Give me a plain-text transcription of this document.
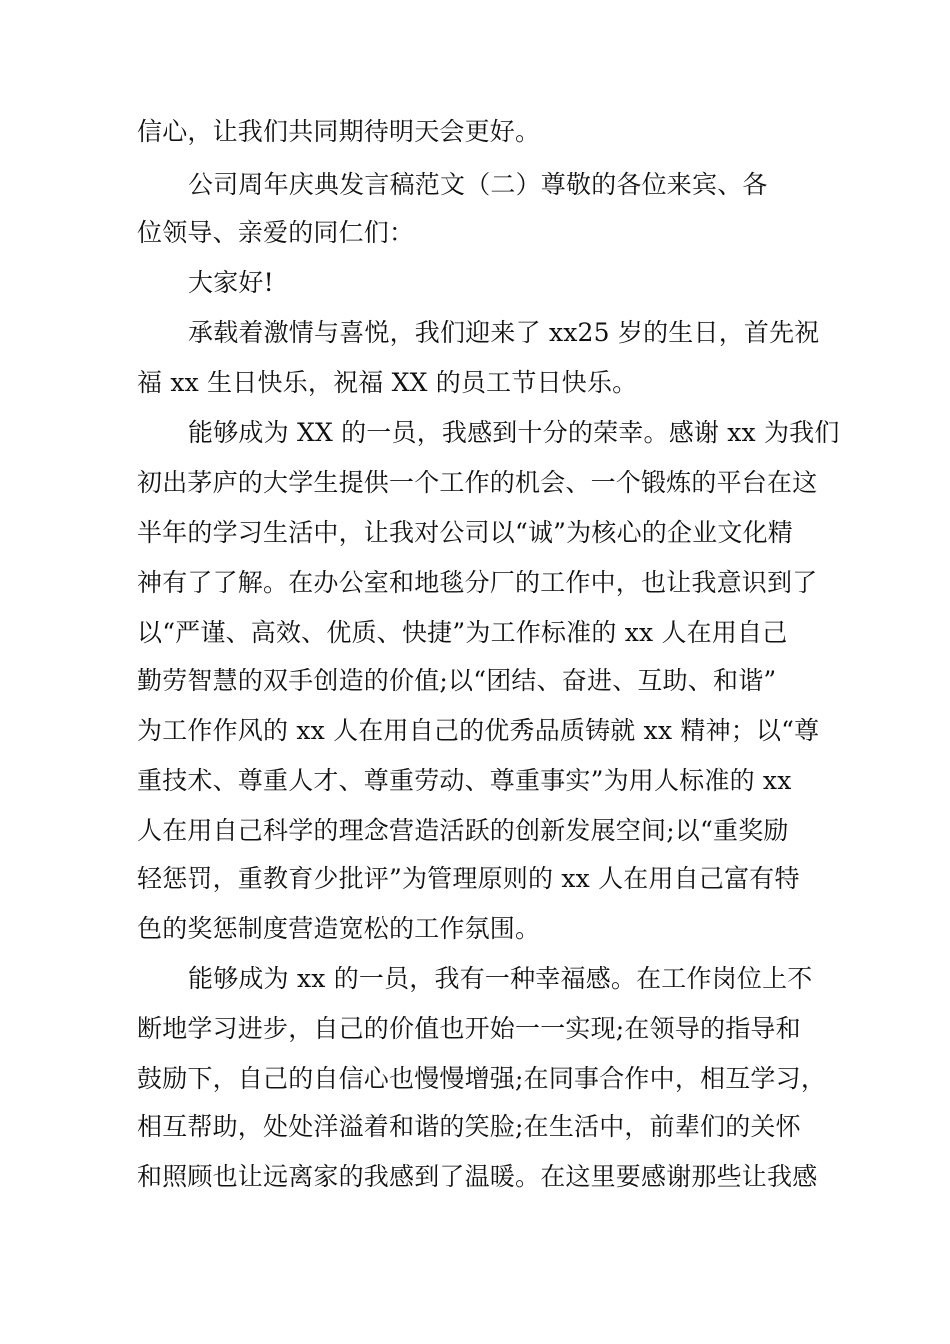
信心，让我们共同期待明天会更好。
公司周年庆典发言稿范文（二）尊敬的各位来宾、各
位领导、亲爱的同仁们：
大家好!
承载着激情与喜悦，我们迎来了 xx25 岁的生日，首先祝
福 xx 生日快乐，祝福 XX 的员工节日快乐。
能够成为 XX 的一员，我感到十分的荣幸。感谢 xx 为我们
初出茅庐的大学生提供一个工作的机会、一个锻炼的平台在这
半年的学习生活中，让我对公司以“诚”为核心的企业文化精
神有了了解。在办公室和地毯分厂的工作中，也让我意识到了
以“严谨、高效、优质、快捷”为工作标准的 xx 人在用自己
勤劳智慧的双手创造的价值;以“团结、奋进、互助、和谐”
为工作作风的 xx 人在用自己的优秀品质铸就 xx 精神；以“尊
重技术、尊重人才、尊重劳动、尊重事实”为用人标准的 xx
人在用自己科学的理念营造活跃的创新发展空间;以“重奖励
轻惩罚，重教育少批评”为管理原则的 xx 人在用自己富有特
色的奖惩制度营造宽松的工作氛围。
能够成为 xx 的一员，我有一种幸福感。在工作岗位上不
断地学习进步，自己的价值也开始一一实现;在领导的指导和
鼓励下，自己的自信心也慢慢增强;在同事合作中，相互学习，
相互帮助，处处洋溢着和谐的笑脸;在生活中，前辈们的关怀
和照顾也让远离家的我感到了温暖。在这里要感谢那些让我感
